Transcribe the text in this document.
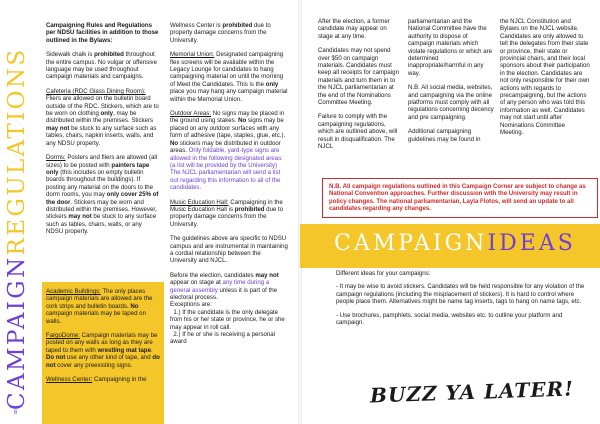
CAMPAIGNREGULATIONS

Campaigning Rules and Regulations per NDSU facilities in addition to those outlined in the Bylaws:

Sidewalk chalk is prohibited throughout the entire campus. No vulgar or offensive language may be used throughout campaign materials and campaigns.

Cafeteria (RDC Glass Dining Room): Fliers are allowed on the bulletin board outside of the RDC. Stickers, which are to be worn on clothing only, may be distributed within the premises. Stickers may not be stuck to any surface such as tables, chairs, napkin inserts, walls, and any NDSU property.

Dorms: Posters and fliers are allowed (all sizes) to be posted with painters tape only (this includes on empty bulletin boards throughout the buildings). If posting any material on the doors to the dorm rooms, you may only cover 25% of the door. Stickers may be worn and distributed within the premises. However, stickers may not be stuck to any surface such as tables, chairs, walls, or any NDSU property.

Academic Buildings: The only places campaign materials are allowed are the cork strips and bulletin boards. No campaign materials may be taped on walls.

FargoDome: Campaign materials may be posted on any walls as long as they are taped to them with wrestling mat tape. Do not use any other kind of tape, and do not cover any preexisting signs.

Wellness Center: Campaigning in the

Wellness Center is prohibited due to property damage concerns from the University.

Memorial Union: Designated campaigning flex screens will be available within the Legacy Lounge for candidates to hang campaigning material on until the morning of Meet the Candidates. This is the only place you may hang any campaign material within the Memorial Union.

Outdoor Areas: No signs may be placed in the ground using stakes. No signs may be placed on any outdoor surfaces with any form of adhesive (tape, staples, glue, etc.). No stickers may be distributed in outdoor areas. Only foldable, yard-type signs are allowed in the following designated areas: (a list will be provided by the University) The NJCL parliamentarian will send a list out regarding this information to all of the candidates.

Music Education Hall: Campaigning in the Music Education Hall is prohibited due to property damage concerns from the University.

The guidelines above are specific to NDSU campus and are instrumental in maintaining a cordial relationship between the University and NJCL.

Before the election, candidates may not appear on stage at any time during a general assembly unless it is part of the electoral process.
Exceptions are:
1.) If the candidate is the only delegate from his or her state or province, he or she may appear in roll call.
2.) If he or she is receiving a personal award

6

After the election, a former candidate may appear on stage at any time.

Candidates may not spend over $50 on campaign materials. Candidates must keep all receipts for campaign materials and turn them in to the NJCL parliamentarian at the end of the Nominations Committee Meeting.

Failure to comply with the campaigning regulations, which are outlined above, will result in disqualification. The NJCL

parliamentarian and the National Committee have the authority to dispose of campaign materials which violate regulations or which are determined inappropriate/harmful in any way.

N.B. All social media, websites, and campaigning via the online platforms must comply with all regulations concerning decency and pre campaigning.

Additional campaigning guidelines may be found in

the NJCL Constitution and Bylaws on the NJCL website. Candidates are only allowed to tell the delegates from their state or province, their state or provincial chairs, and their local sponsors about their participation in the election. Candidates are not only responsible for their own actions with regards to precampaigning, but the actions of any person who was told this information as well. Candidates may not start until after Nominations Committee Meeting.

N.B. All campaign regulations outlined in this Campaign Corner are subject to change as National Convention approaches. Further discussion with the University may result in policy changes. The national parliamentarian, Layla Flotos, will send an update to all candidates regarding any changes.
CAMPAIGNIDEAS

Different ideas for your campaigns:

- It may be wise to avoid stickers. Candidates will be held responsible for any violation of the campaign regulations (including the misplacement of stickers). It is hard to control where people place them. Alternatives might be name tag inserts, tags to hang on name tags, etc.

- Use brochures, pamphlets, social media, websites etc. to outline your platform and campaign.

BUZZ YA LATER!
